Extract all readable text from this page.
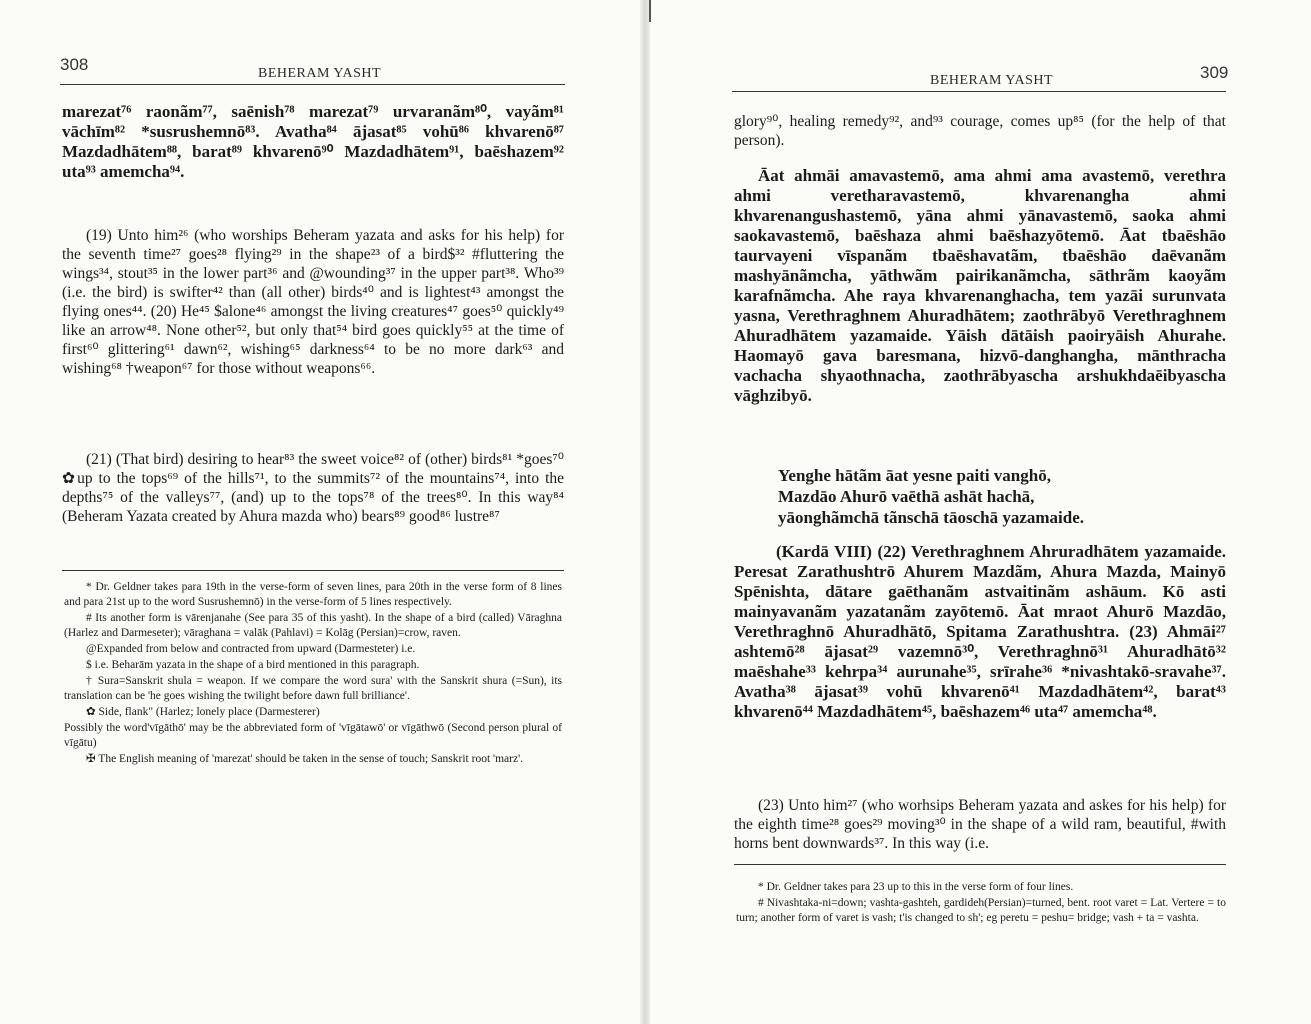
308	BEHERAM YASHT

marezat⁷⁶ raonãm⁷⁷, saēnish⁷⁸ marezat⁷⁹ urvaranãm⁸⁰, vayãm⁸¹ vāchīm⁸² *susrushemnō⁸³. Avatha⁸⁴ ājasat⁸⁵ vohū⁸⁶ khvarenō⁸⁷ Mazdadhātem⁸⁸, barat⁸⁹ khvarenō⁹⁰ Mazdadhātem⁹¹, baēshazem⁹² uta⁹³ amemcha⁹⁴.

(19) Unto him²⁶ (who worships Beheram yazata and asks for his help) for the seventh time²⁷ goes²⁸ flying²⁹ in the shape²³ of a bird$³² #fluttering the wings³⁴, stout³⁵ in the lower part³⁶ and @wounding³⁷ in the upper part³⁸. Who³⁹ (i.e. the bird) is swifter⁴² than (all other) birds⁴⁰ and is lightest⁴³ amongst the flying ones⁴⁴. (20) He⁴⁵ $alone⁴⁶ amongst the living creatures⁴⁷ goes⁵⁰ quickly⁴⁹ like an arrow⁴⁸. None other⁵², but only that⁵⁴ bird goes quickly⁵⁵ at the time of first⁶⁰ glittering⁶¹ dawn⁶², wishing⁶⁵ darkness⁶⁴ to be no more dark⁶³ and wishing⁶⁸ †weapon⁶⁷ for those without weapons⁶⁶.

(21) (That bird) desiring to hear⁸³ the sweet voice⁸² of (other) birds⁸¹ *goes⁷⁰ ✿up to the tops⁶⁹ of the hills⁷¹, to the summits⁷² of the mountains⁷⁴, into the depths⁷⁵ of the valleys⁷⁷, (and) up to the tops⁷⁸ of the trees⁸⁰. In this way⁸⁴ (Beheram Yazata created by Ahura mazda who) bears⁸⁹ good⁸⁶ lustre⁸⁷

* Dr. Geldner takes para 19th in the verse-form of seven lines, para 20th in the verse form of 8 lines and para 21st up to the word Susrushemnō) in the verse-form of 5 lines respectively.

# Its another form is vārenjanahe (See para 35 of this yasht). In the shape of a bird (called) Vāraghna (Harlez and Darmeseter); vāraghana = valāk (Pahlavi) = Kolāg (Persian)=crow, raven.

@Expanded from below and contracted from upward (Darmesteter) i.e.

$ i.e. Beharām yazata in the shape of a bird mentioned in this paragraph.

† Sura=Sanskrit shula = weapon. If we compare the word sura' with the Sanskrit shura (=Sun), its translation can be 'he goes wishing the twilight before dawn full brilliance'.

✿ Side, flank" (Harlez; lonely place (Darmesterer)

Possibly the word'vīgāthō' may be the abbreviated form of 'vīgātawō' or vīgāthwō (Second person plural of vīgātu)

✠ The English meaning of 'marezat' should be taken in the sense of touch; Sanskrit root 'marz'.

309
BEHERAM YASHT

glory⁹⁰, healing remedy⁹², and⁹³ courage, comes up⁸⁵ (for the help of that person).

Āat ahmāi amavastemō, ama ahmi ama avastemō, verethra ahmi veretharavastemō, khvarenangha ahmi khvarenangushastemō, yāna ahmi yānavastemō, saoka ahmi saokavastemō, baēshaza ahmi baēshazyōtemō. Āat tbaēshāo taurvayeni vīspanãm tbaēshavatãm, tbaēshāo daēvanãm mashyānãmcha, yāthwãm pairikanãmcha, sāthrãm kaoyãm karafnãmcha. Ahe raya khvarenanghacha, tem yazāi surunvata yasna, Verethraghnem Ahuradhātem; zaothrābyō Verethraghnem Ahuradhātem yazamaide. Yāish dātāish paoiryāish Ahurahe. Haomayō gava baresmana, hizvō-danghangha, mānthracha vachacha shyaothnacha, zaothrābyascha arshukhdaēibyascha vāghzibyō.

Yenghe hātãm āat yesne paiti vanghō,
Mazdāo Ahurō vaēthā ashāt hachā,
yāonghãmchā tãnschā tāoschā yazamaide.

(Kardā VIII) (22) Verethraghnem Ahruradhātem yazamaide. Peresat Zarathushtrō Ahurem Mazdãm, Ahura Mazda, Mainyō Spēnishta, dātare gaēthanãm astvaitinãm ashāum. Kō asti mainyavanãm yazatanãm zayōtemō. Āat mraot Ahurō Mazdāo, Verethraghnō Ahuradhātō, Spitama Zarathushtra. (23) Ahmāi²⁷ ashtemō²⁸ ājasat²⁹ vazemnō³⁰, Verethraghnō³¹ Ahuradhātō³² maēshahe³³ kehrpa³⁴ aurunahe³⁵, srīrahe³⁶ *nivashtakō-sravahe³⁷. Avatha³⁸ ājasat³⁹ vohū khvarenō⁴¹ Mazdadhātem⁴², barat⁴³ khvarenō⁴⁴ Mazdadhātem⁴⁵, baēshazem⁴⁶ uta⁴⁷ amemcha⁴⁸.

(23) Unto him²⁷ (who worhsips Beheram yazata and askes for his help) for the eighth time²⁸ goes²⁹ moving³⁰ in the shape of a wild ram, beautiful, #with horns bent downwards³⁷. In this way (i.e.

* Dr. Geldner takes para 23 up to this in the verse form of four lines.

# Nivashtaka-ni=down; vashta-gashteh, gardideh(Persian)=turned, bent. root varet = Lat. Vertere = to turn; another form of varet is vash; t'is changed to sh'; eg peretu = peshu= bridge; vash + ta = vashta.
